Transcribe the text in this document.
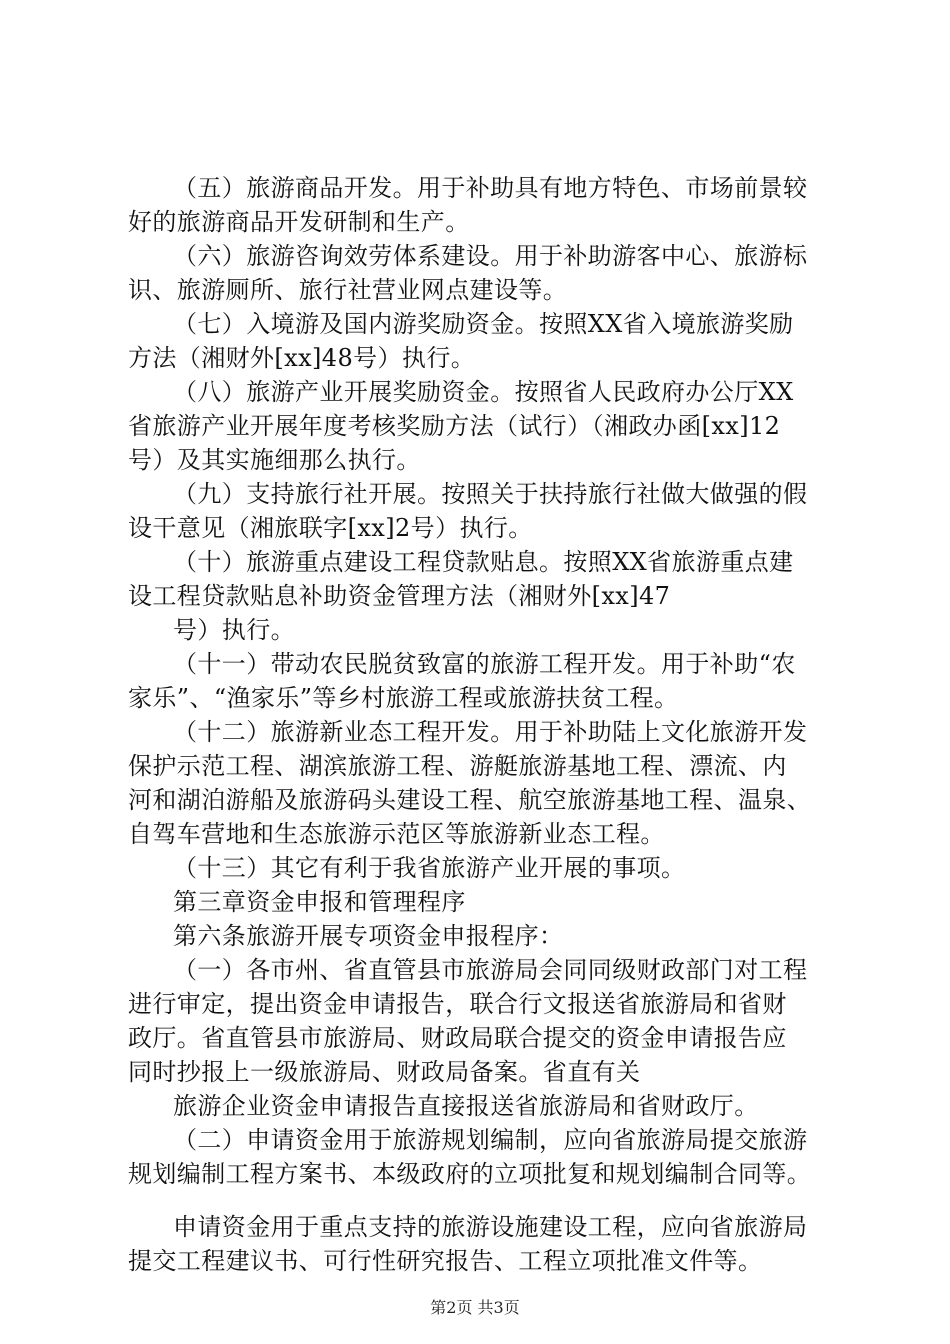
（五）旅游商品开发。用于补助具有地方特色、市场前景较
好的旅游商品开发研制和生产。
（六）旅游咨询效劳体系建设。用于补助游客中心、旅游标
识、旅游厕所、旅行社营业网点建设等。
（七）入境游及国内游奖励资金。按照XX省入境旅游奖励
方法（湘财外[xx]48号）执行。
（八）旅游产业开展奖励资金。按照省人民政府办公厅XX
省旅游产业开展年度考核奖励方法（试行）（湘政办函[xx]12
号）及其实施细那么执行。
（九）支持旅行社开展。按照关于扶持旅行社做大做强的假
设干意见（湘旅联字[xx]2号）执行。
（十）旅游重点建设工程贷款贴息。按照XX省旅游重点建
设工程贷款贴息补助资金管理方法（湘财外[xx]47
号）执行。
（十一）带动农民脱贫致富的旅游工程开发。用于补助“农
家乐”、“渔家乐”等乡村旅游工程或旅游扶贫工程。
（十二）旅游新业态工程开发。用于补助陆上文化旅游开发
保护示范工程、湖滨旅游工程、游艇旅游基地工程、漂流、内
河和湖泊游船及旅游码头建设工程、航空旅游基地工程、温泉、
自驾车营地和生态旅游示范区等旅游新业态工程。
（十三）其它有利于我省旅游产业开展的事项。
第三章资金申报和管理程序
第六条旅游开展专项资金申报程序：
（一）各市州、省直管县市旅游局会同同级财政部门对工程
进行审定，提出资金申请报告，联合行文报送省旅游局和省财
政厅。省直管县市旅游局、财政局联合提交的资金申请报告应
同时抄报上一级旅游局、财政局备案。省直有关
旅游企业资金申请报告直接报送省旅游局和省财政厅。
（二）申请资金用于旅游规划编制，应向省旅游局提交旅游
规划编制工程方案书、本级政府的立项批复和规划编制合同等。
申请资金用于重点支持的旅游设施建设工程，应向省旅游局
第2页 共3页
提交工程建议书、可行性研究报告、工程立项批准文件等。
